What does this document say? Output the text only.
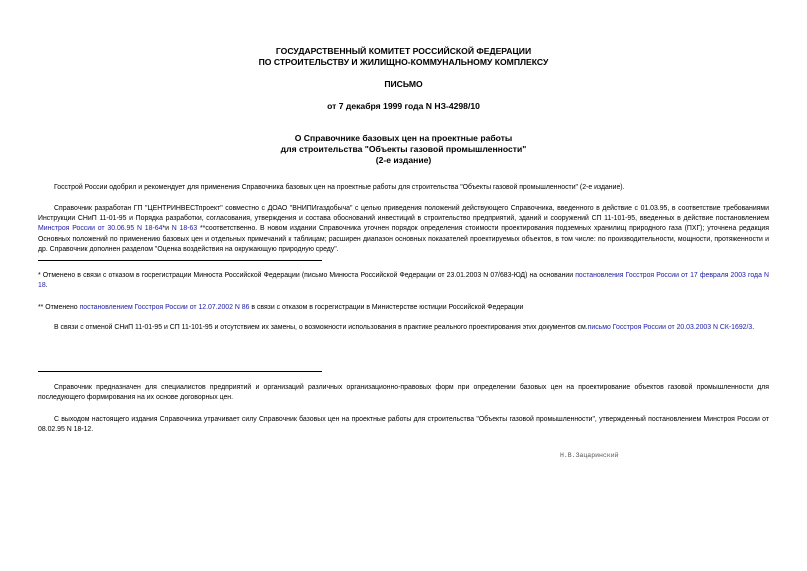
ГОСУДАРСТВЕННЫЙ КОМИТЕТ РОССИЙСКОЙ ФЕДЕРАЦИИ
ПО СТРОИТЕЛЬСТВУ И ЖИЛИЩНО-КОММУНАЛЬНОМУ КОМПЛЕКСУ
ПИСЬМО
от 7 декабря 1999 года N НЗ-4298/10
О Справочнике базовых цен на проектные работы
для строительства "Объекты газовой промышленности"
(2-е издание)
Госстрой России одобрил и рекомендует для применения Справочника базовых цен на проектные работы для строительства "Объекты газовой промышленности" (2-е издание).
Справочник разработан ГП "ЦЕНТРИНВЕСТпроект" совместно с ДОАО "ВНИПИгаздобыча" с целью приведения положений действующего Справочника, введенного в действие с 01.03.95, в соответствие требованиями Инструкции СНиП 11-01-95 и Порядка разработки, согласования, утверждения и состава обоснований инвестиций в строительство предприятий, зданий и сооружений СП 11-101-95, введенных в действие постановлением Минстроя России от 30.06.95 N 18-64*и N 18-63 **соответственно. В новом издании Справочника уточнен порядок определения стоимости проектирования подземных хранилищ природного газа (ПХГ); уточнена редакция Основных положений по применению базовых цен и отдельных примечаний к таблицам; расширен диапазон основных показателей проектируемых объектов, в том числе: по производительности, мощности, протяженности и др. Справочник дополнен разделом "Оценка воздействия на окружающую природную среду".
* Отменено в связи с отказом в госрегистрации Минюста Российской Федерации (письмо Минюста Российской Федерации от 23.01.2003 N 07/683-ЮД) на основании постановления Госстроя России от 17 февраля 2003 года N 18.
** Отменено постановлением Госстроя России от 12.07.2002 N 86 в связи с отказом в госрегистрации в Министерстве юстиции Российской Федерации
В связи с отменой СНиП 11-01-95 и СП 11-101-95 и отсутствием их замены, о возможности использования в практике реального проектирования этих документов см.письмо Госстроя России от 20.03.2003 N СК-1692/3.
Справочник предназначен для специалистов предприятий и организаций различных организационно-правовых форм при определении базовых цен на проектирование объектов газовой промышленности для последующего формирования на их основе договорных цен.
С выходом настоящего издания Справочника утрачивает силу Справочник базовых цен на проектные работы для строительства "Объекты газовой промышленности", утвержденный постановлением Минстроя России от 08.02.95 N 18-12.
Н.В.Зацаринский
